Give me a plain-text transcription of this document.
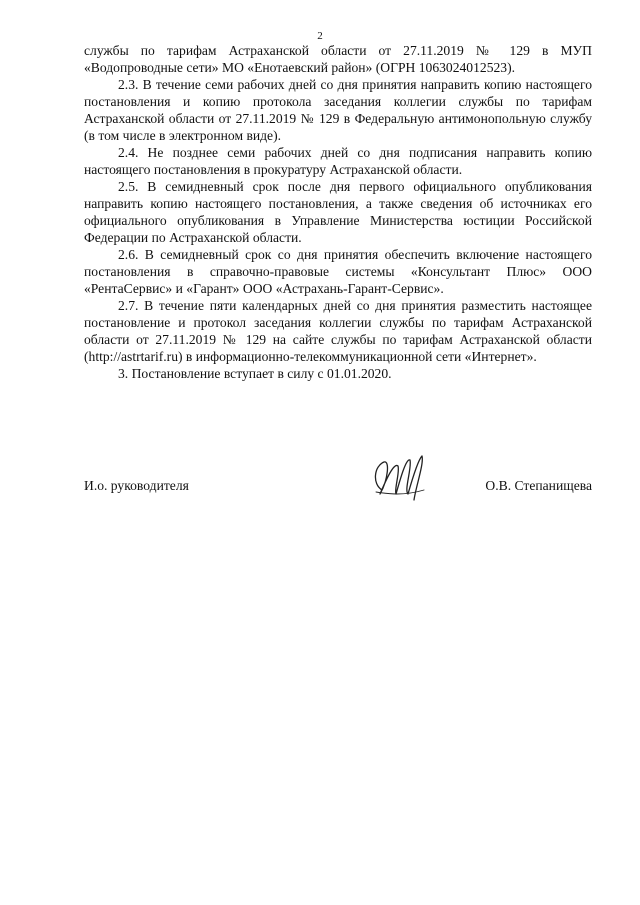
2

службы по тарифам Астраханской области от 27.11.2019 № 129 в МУП «Водопроводные сети» МО «Енотаевский район» (ОГРН 1063024012523).

2.3. В течение семи рабочих дней со дня принятия направить копию настоящего постановления и копию протокола заседания коллегии службы по тарифам Астраханской области от 27.11.2019 № 129 в Федеральную антимонопольную службу (в том числе в электронном виде).

2.4. Не позднее семи рабочих дней со дня подписания направить копию настоящего постановления в прокуратуру Астраханской области.

2.5. В семидневный срок после дня первого официального опубликования направить копию настоящего постановления, а также сведения об источниках его официального опубликования в Управление Министерства юстиции Российской Федерации по Астраханской области.

2.6. В семидневный срок со дня принятия обеспечить включение настоящего постановления в справочно-правовые системы «Консультант Плюс» ООО «РентаСервис» и «Гарант» ООО «Астрахань-Гарант-Сервис».

2.7. В течение пяти календарных дней со дня принятия разместить настоящее постановление и протокол заседания коллегии службы по тарифам Астраханской области от 27.11.2019 № 129 на сайте службы по тарифам Астраханской области (http://astrtarif.ru) в информационно-телекоммуникационной сети «Интернет».

3. Постановление вступает в силу с 01.01.2020.

И.о. руководителя	О.В. Степанищева
